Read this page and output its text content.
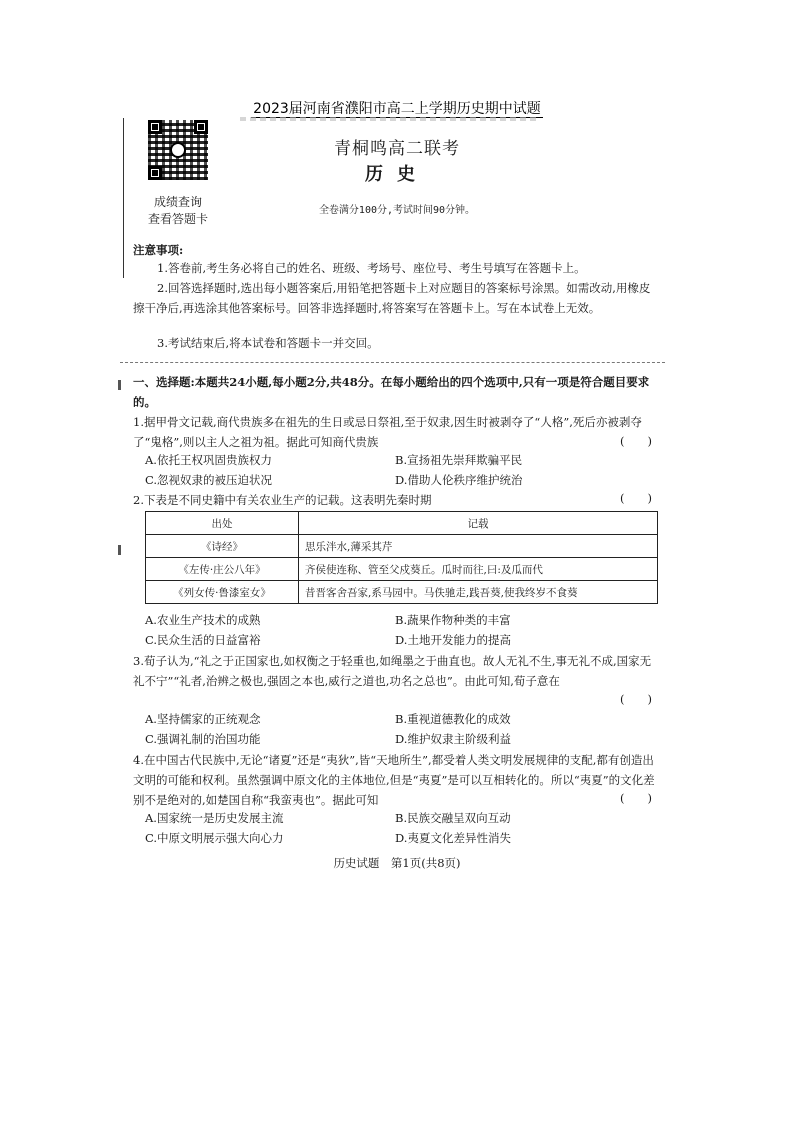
2023届河南省濮阳市高二上学期历史期中试题
成绩查询
查看答题卡
青桐鸣高二联考
历史
全卷满分100分,考试时间90分钟。
注意事项:
1.答卷前,考生务必将自己的姓名、班级、考场号、座位号、考生号填写在答题卡上。
2.回答选择题时,选出每小题答案后,用铅笔把答题卡上对应题目的答案标号涂黑。如需改动,用橡皮擦干净后,再选涂其他答案标号。回答非选择题时,将答案写在答题卡上。写在本试卷上无效。
3.考试结束后,将本试卷和答题卡一并交回。
一、选择题:本题共24小题,每小题2分,共48分。在每小题给出的四个选项中,只有一项是符合题目要求的。
1.据甲骨文记载,商代贵族多在祖先的生日或忌日祭祖,至于奴隶,因生时被剥夺了“人格”,死后亦被剥夺了“鬼格”,则以主人之祖为祖。据此可知商代贵族	(　　)
A.依托王权巩固贵族权力	B.宣扬祖先崇拜欺骗平民
C.忽视奴隶的被压迫状况	D.借助人伦秩序维护统治
2.下表是不同史籍中有关农业生产的记载。这表明先秦时期	(　　)
出处	记载
《诗经》	思乐泮水,薄采其芹
《左传·庄公八年》	齐侯使连称、管至父戍葵丘。瓜时而往,曰:及瓜而代
《列女传·鲁漆室女》	昔晋客舍吾家,系马园中。马佚驰走,践吾葵,使我终岁不食葵
A.农业生产技术的成熟	B.蔬果作物种类的丰富
C.民众生活的日益富裕	D.土地开发能力的提高
3.荀子认为,“礼之于正国家也,如权衡之于轻重也,如绳墨之于曲直也。故人无礼不生,事无礼不成,国家无礼不宁”“礼者,治辨之极也,强固之本也,威行之道也,功名之总也”。由此可知,荀子意在
(　　)
A.坚持儒家的正统观念	B.重视道德教化的成效
C.强调礼制的治国功能	D.维护奴隶主阶级利益
4.在中国古代民族中,无论“诸夏”还是“夷狄”,皆“天地所生”,都受着人类文明发展规律的支配,都有创造出文明的可能和权利。虽然强调中原文化的主体地位,但是“夷夏”是可以互相转化的。所以“夷夏”的文化差别不是绝对的,如楚国自称“我蛮夷也”。据此可知	(　　)
A.国家统一是历史发展主流	B.民族交融呈双向互动
C.中原文明展示强大向心力	D.夷夏文化差异性消失
历史试题　第1页(共8页)
